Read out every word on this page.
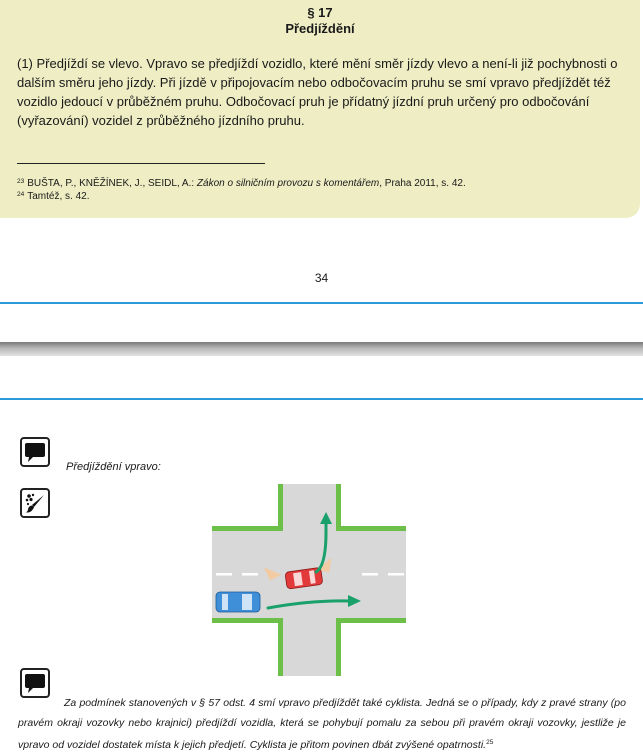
§ 17
Předjíždění

(1) Předjíždí se vlevo. Vpravo se předjíždí vozidlo, které mění směr jízdy vlevo a není-li již pochybnosti o dalším směru jeho jízdy. Při jízdě v připojovacím nebo odbočovacím pruhu se smí vpravo předjíždět též vozidlo jedoucí v průběžném pruhu. Odbočovací pruh je přídatný jízdní pruh určený pro odbočování (vyřazování) vozidel z průběžného jízdního pruhu.

$^{23}$ BUŠTA, P., KNĚŽÍNEK, J., SEIDL, A.: Zákon o silničním provozu s komentářem, Praha 2011, s. 42.

$^{24}$ Tamtéž, s. 42.

34
Předjíždění vpravo:

Za podmínek stanovených v § 57 odst. 4 smí vpravo předjíždět také cyklista. Jedná se o případy, kdy z pravé strany (po pravém okraji vozovky nebo krajnici) předjíždí vozidla, která se pohybují pomalu za sebou při pravém okraji vozovky, jestliže je vpravo od vozidel dostatek místa k jejich předjetí. Cyklista je přitom povinen dbát zvýšené opatrnosti.$^{25}$
